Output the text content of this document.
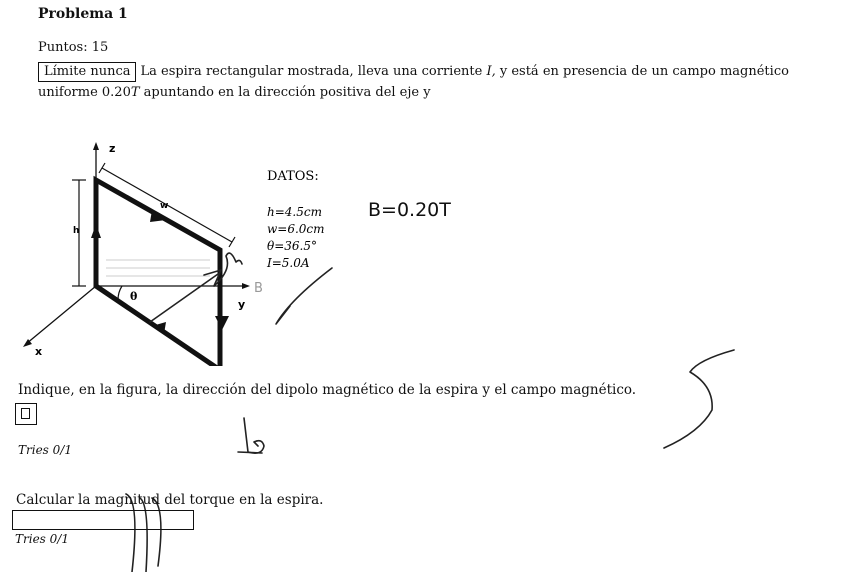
Problema 1
Puntos: 15
Límite nunca La espira rectangular mostrada, lleva una corriente I, y está en presencia de un campo magnético uniforme 0.20T apuntando en la dirección positiva del eje y
z
y
x
h
w
θ
DATOS:
h=4.5cm
w=6.0cm
θ=36.5°
I=5.0A
B=0.20T
B
Indique, en la figura, la dirección del dipolo magnético de la espira y el campo magnético.
Tries 0/1
Calcular la magnitud del torque en la espira.
Tries 0/1
